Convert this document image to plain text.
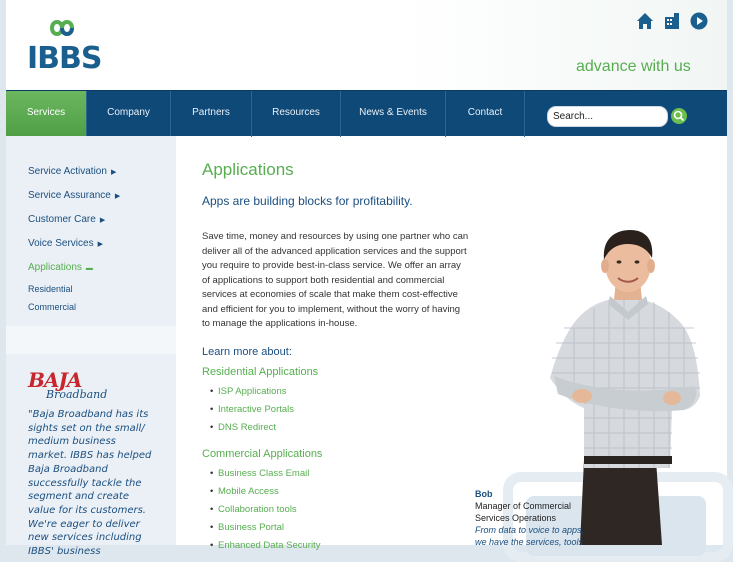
IBBS	advance with us
Services	Company	Partners	Resources	News & Events	Contact
Search...
Service Activation ▶
Service Assurance ▶
Customer Care ▶
Voice Services ▶
Applications ▬
Residential
Commercial
BAJA
Broadband
"Baja Broadband has its sights set on the small/ medium business market. IBBS has helped Baja Broadband successfully tackle the segment and create value for its customers. We're eager to deliver new services including IBBS' business
Applications
Apps are building blocks for profitability.
Save time, money and resources by using one partner who can deliver all of the advanced application services and the support you require to provide best-in-class service. We offer an array of applications to support both residential and commercial services at economies of scale that make them cost-effective and efficient for you to implement, without the worry of having to manage the applications in-house.
Learn more about:
Residential Applications
• ISP Applications
• Interactive Portals
• DNS Redirect
Commercial Applications
• Business Class Email
• Mobile Access
• Collaboration tools
• Business Portal
• Enhanced Data Security
Bob
Manager of Commercial
Services Operations
From data to voice to apps,
we have the services, tools
